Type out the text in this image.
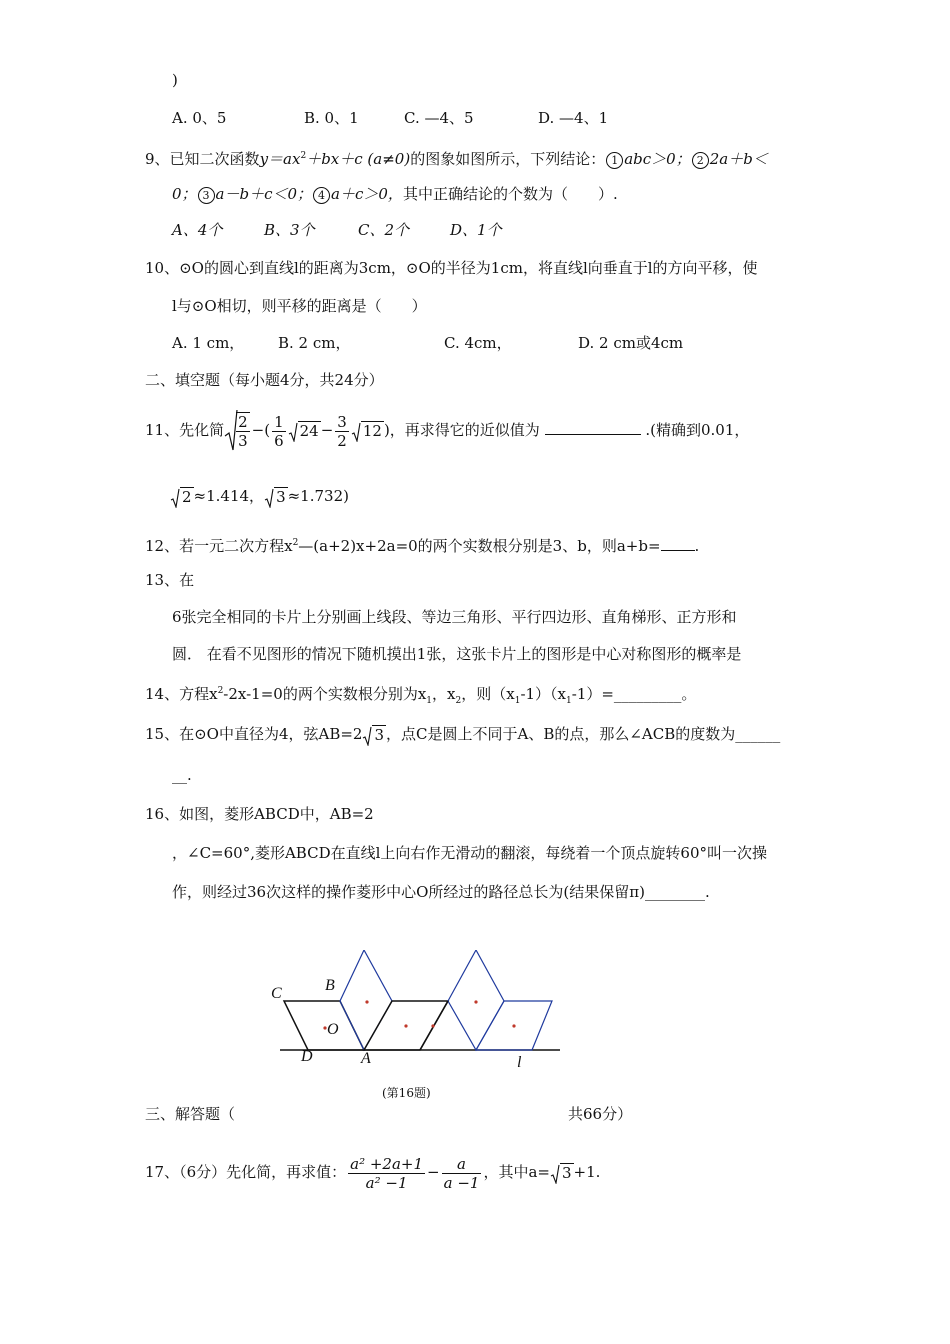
)
A. 0、5	B. 0、1	C. —4、5	D. —4、1
9、已知二次函数$y=ax^2+bx+c$ (a≠0)的图象如图所示，下列结论： 1 abc＞0； 2 2a＋b＜
0； 3 a－b＋c＜0； 4 a＋c＞0，其中正确结论的个数为（　　）.
A、4个	B、3个	C、2个	D、1个
10、⊙O的圆心到直线l的距离为3cm，⊙O的半径为1cm，将直线l向垂直于l的方向平移，使
l与⊙O相切，则平移的距离是（　　）
A. 1 cm， B. 2 cm，	C. 4cm，	D. 2 cm或4cm
二、填空题（每小题4分，共24分）
11、先化简 $\frac{2}{3}$ −( $\frac{1}{6} 24 - \frac{3}{2} 12$ )，再求得它的近似值为	.(精确到0.01，
2 ≈1.414， 3 ≈1.732)
12、若一元二次方程$x^2—(a+2)x+2a=0$的两个实数根分别是3、b，则a+b= .
13、在
6张完全相同的卡片上分别画上线段、等边三角形、平行四边形、直角梯形、正方形和
圆． 在看不见图形的情况下随机摸出1张，这张卡片上的图形是中心对称图形的概率是
14、方程$x^2-2x-1=0$的两个实数根分别为$x_1$，$x_2$，则$(x_1-1)(x_1-1)=\_\_\_\_\_\_\_\_\_$。
15、在⊙O中直径为4，弦AB=2 3 ，点C是圆上不同于A、B的点，那么∠ACB的度数为______
__.
16、如图，菱形ABCD中，AB=2
，∠C=60°,菱形ABCD在直线l上向右作无滑动的翻滚，每绕着一个顶点旋转60°叫一次操
作，则经过36次这样的操作菱形中心O所经过的路径总长为(结果保留π)________.
C	B
O
D	A	l
(第16题)
三、解答题（	共66分）
17、（6分）先化简，再求值： $\frac{\text{a² +2a+1}}{\text{a² −1}} - \frac{a}{a -1}$ ，其中a= 3 +1.
